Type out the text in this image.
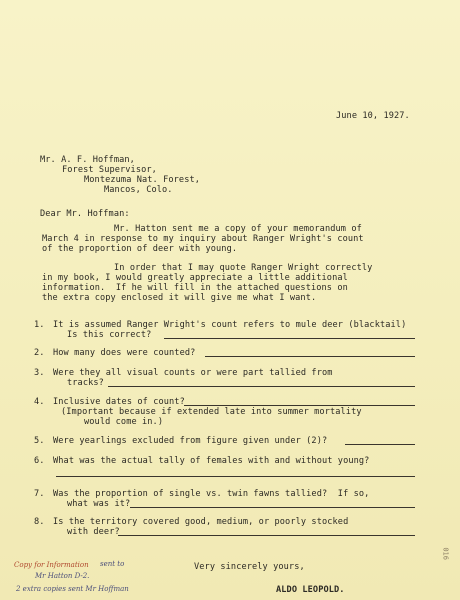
June 10, 1927.
Mr. A. F. Hoffman,
Forest Supervisor,
Montezuma Nat. Forest,
Mancos, Colo.
Dear Mr. Hoffman:
Mr. Hatton sent me a copy of your memorandum of
March 4 in response to my inquiry about Ranger Wright's count
of the proportion of deer with young.
In order that I may quote Ranger Wright correctly
in my book, I would greatly appreciate a little additional
information.  If he will fill in the attached questions on
the extra copy enclosed it will give me what I want.
1. It is assumed Ranger Wright's count refers to mule deer (blacktail)
Is this correct?
2. How many does were counted?
3. Were they all visual counts or were part tallied from
tracks?
4. Inclusive dates of count?
(Important because if extended late into summer mortality
would come in.)
5. Were yearlings excluded from figure given under (2)?
6. What was the actual tally of females with and without young?
7. Was the proportion of single vs. twin fawns tallied?  If so,
what was it?
8. Is the territory covered good, medium, or poorly stocked
with deer?
Very sincerely yours,
ALDO LEOPOLD.
Copy for Information sent to
Mr Hatton D-2.
2 extra copies sent Mr Hoffman
016
